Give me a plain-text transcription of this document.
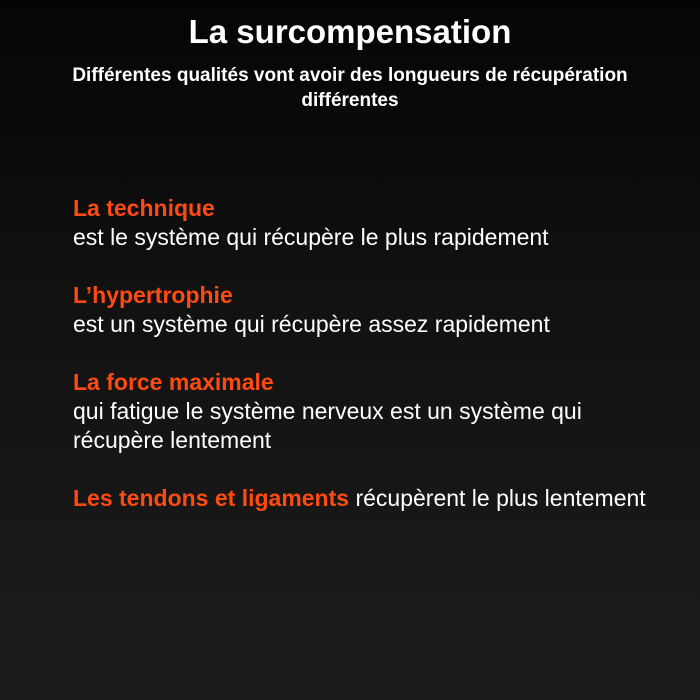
La surcompensation
Différentes qualités vont avoir des longueurs de récupération différentes
La technique
est le système qui récupère le plus rapidement
L’hypertrophie
est un système qui récupère assez rapidement
La force maximale
qui fatigue le système nerveux est un système qui récupère lentement
Les tendons et ligaments récupèrent le plus lentement
